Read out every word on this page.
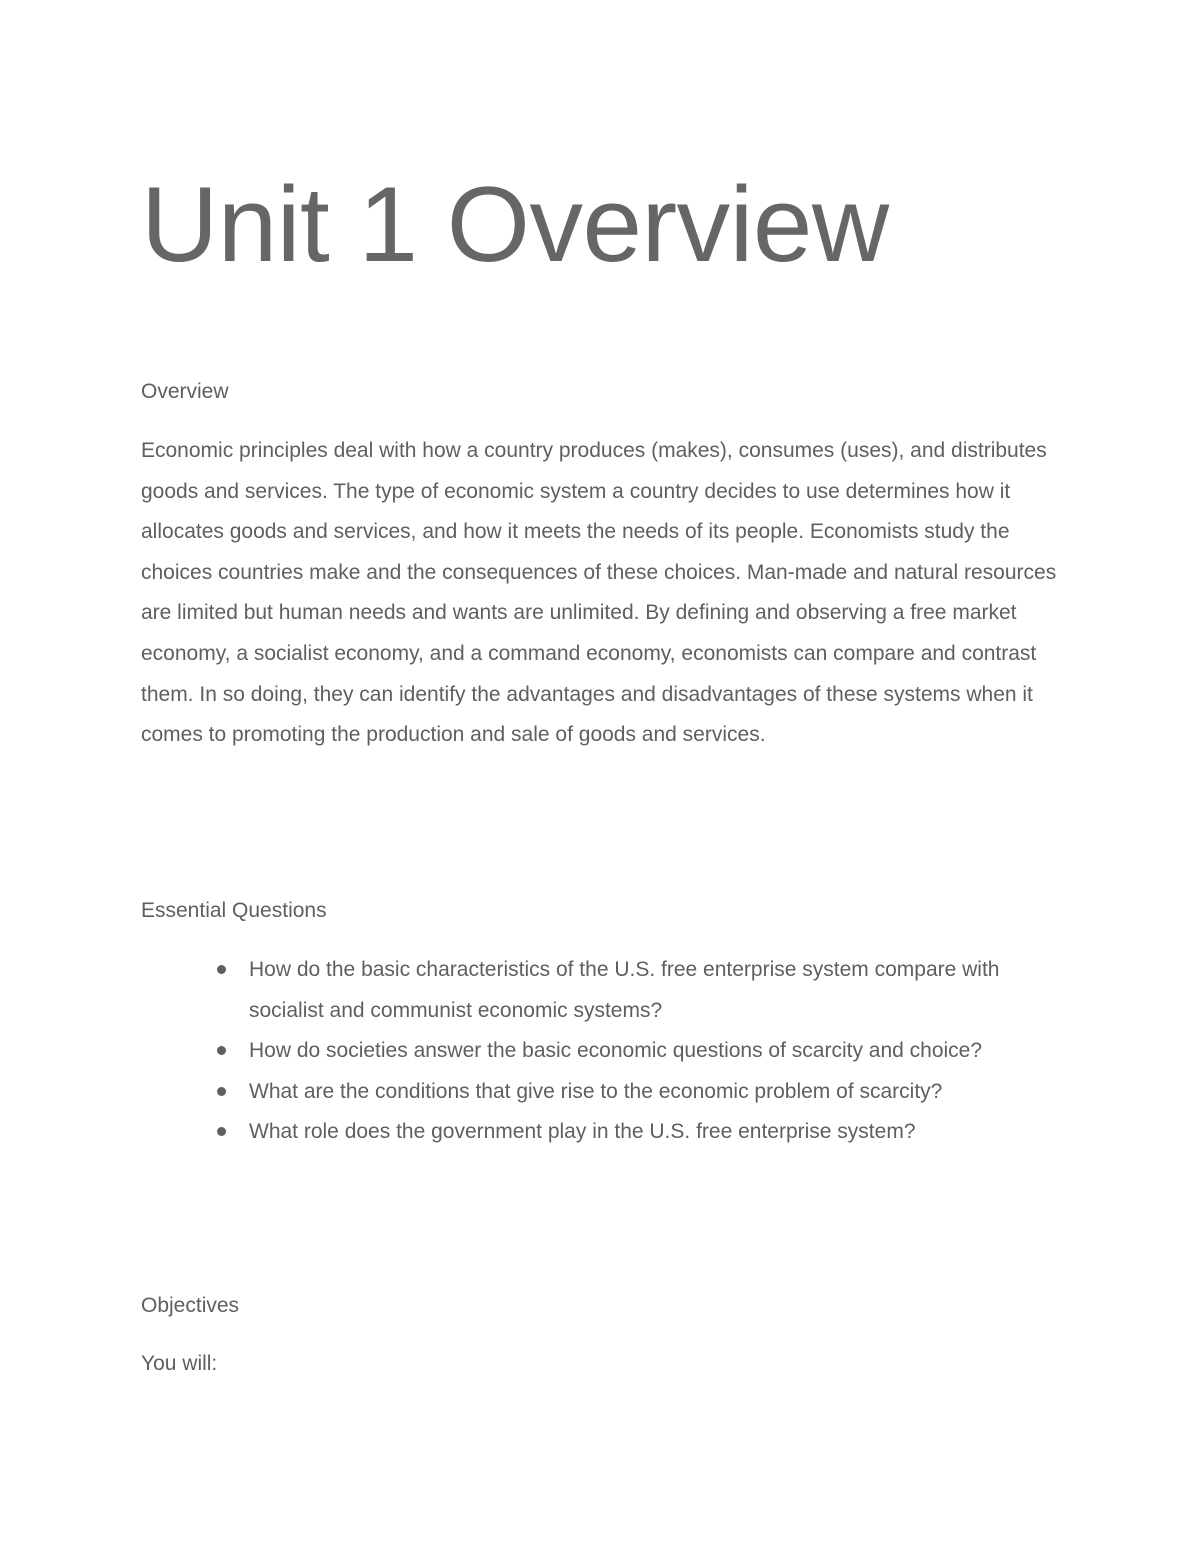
Unit 1 Overview
Overview

Economic principles deal with how a country produces (makes), consumes (uses), and distributes goods and services. The type of economic system a country decides to use determines how it allocates goods and services, and how it meets the needs of its people. Economists study the choices countries make and the consequences of these choices. Man-made and natural resources are limited but human needs and wants are unlimited. By defining and observing a free market economy, a socialist economy, and a command economy, economists can compare and contrast them. In so doing, they can identify the advantages and disadvantages of these systems when it comes to promoting the production and sale of goods and services.

Essential Questions
How do the basic characteristics of the U.S. free enterprise system compare with socialist and communist economic systems?
How do societies answer the basic economic questions of scarcity and choice?
What are the conditions that give rise to the economic problem of scarcity?
What role does the government play in the U.S. free enterprise system?
Objectives

You will:
